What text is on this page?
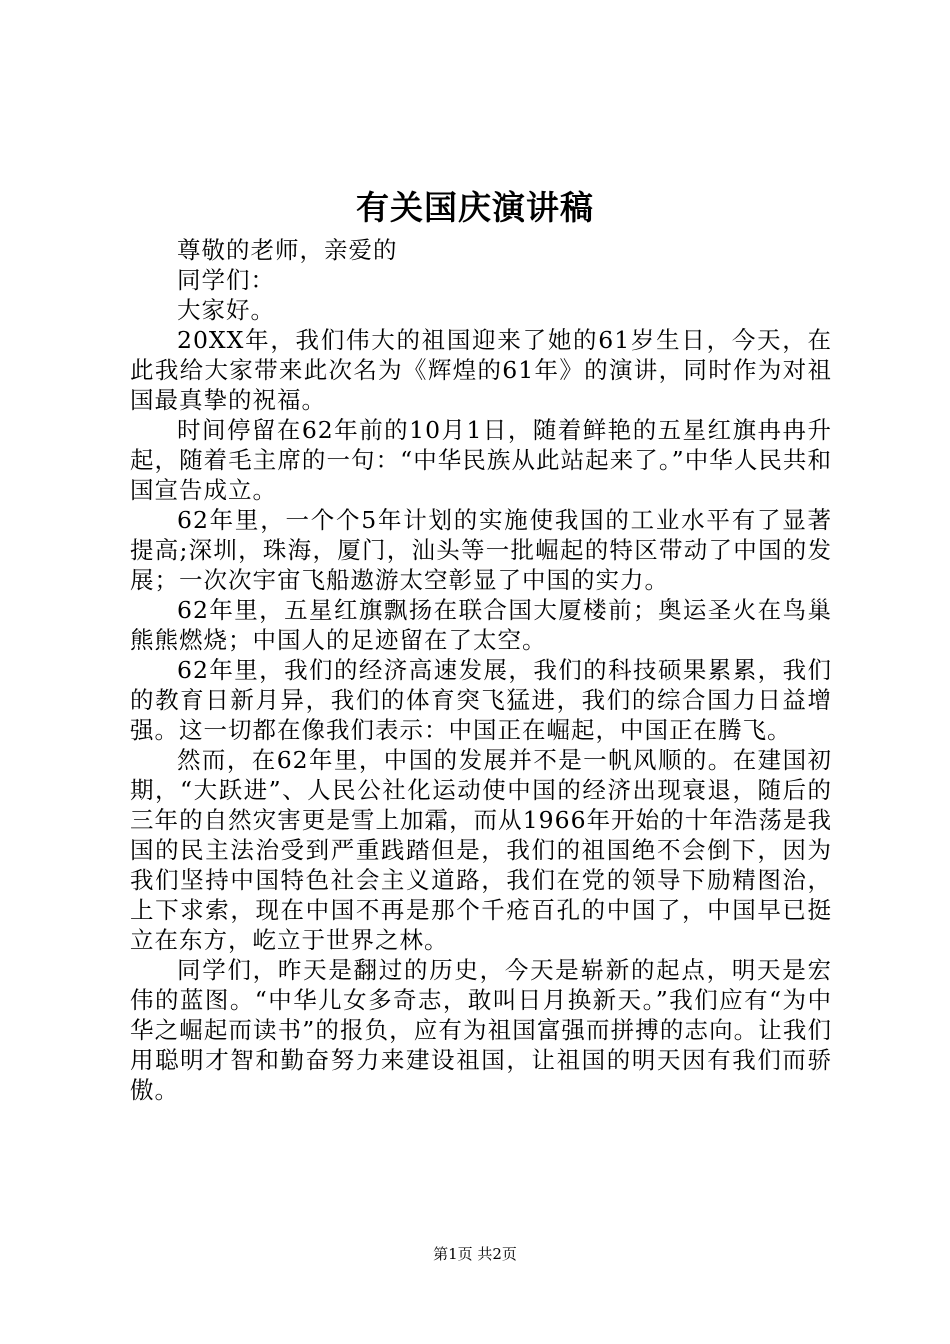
有关国庆演讲稿

尊敬的老师，亲爱的

同学们：

大家好。

20XX年，我们伟大的祖国迎来了她的61岁生日，今天，在此我给大家带来此次名为《辉煌的61年》的演讲，同时作为对祖国最真挚的祝福。

时间停留在62年前的10月1日，随着鲜艳的五星红旗冉冉升起，随着毛主席的一句：“中华民族从此站起来了。”中华人民共和国宣告成立。

62年里，一个个5年计划的实施使我国的工业水平有了显著提高;深圳，珠海，厦门，汕头等一批崛起的特区带动了中国的发展；一次次宇宙飞船遨游太空彰显了中国的实力。

62年里，五星红旗飘扬在联合国大厦楼前；奥运圣火在鸟巢熊熊燃烧；中国人的足迹留在了太空。

62年里，我们的经济高速发展，我们的科技硕果累累，我们的教育日新月异，我们的体育突飞猛进，我们的综合国力日益增强。这一切都在像我们表示：中国正在崛起，中国正在腾飞。

然而，在62年里，中国的发展并不是一帆风顺的。在建国初期，“大跃进”、人民公社化运动使中国的经济出现衰退，随后的三年的自然灾害更是雪上加霜，而从1966年开始的十年浩荡是我国的民主法治受到严重践踏但是，我们的祖国绝不会倒下，因为我们坚持中国特色社会主义道路，我们在党的领导下励精图治，上下求索，现在中国不再是那个千疮百孔的中国了，中国早已挺立在东方，屹立于世界之林。

同学们，昨天是翻过的历史，今天是崭新的起点，明天是宏伟的蓝图。“中华儿女多奇志，敢叫日月换新天。”我们应有“为中华之崛起而读书”的报负，应有为祖国富强而拼搏的志向。让我们用聪明才智和勤奋努力来建设祖国，让祖国的明天因有我们而骄傲。

第1页 共2页
